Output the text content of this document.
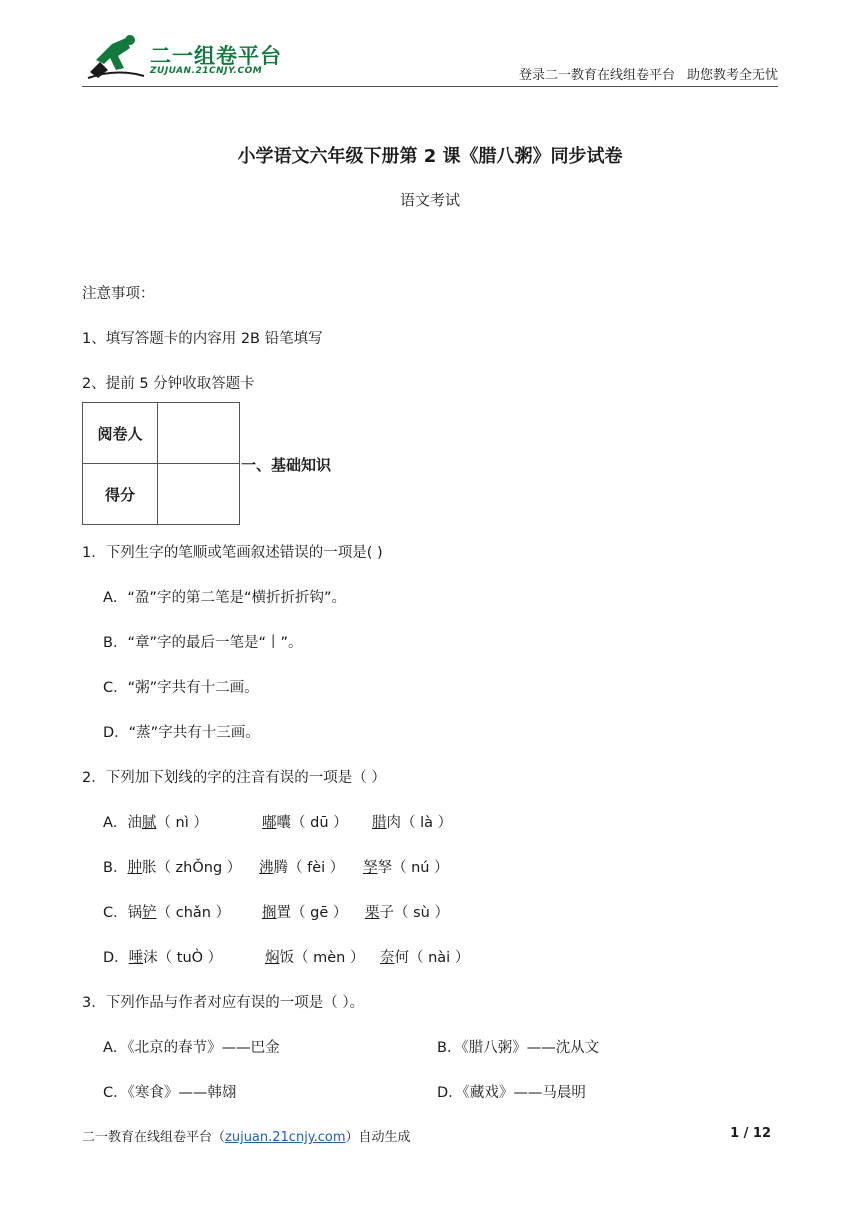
二一组卷平台
ZUJUAN.21CNJY.COM	登录二一教育在线组卷平台 助您教考全无忧
小学语文六年级下册第 2 课《腊八粥》同步试卷
语文考试
注意事项：
1、填写答题卡的内容用 2B 铅笔填写
2、提前 5 分钟收取答题卡
阅卷人	
得分	
一、基础知识
1．下列生字的笔顺或笔画叙述错误的一项是( )
A．“盈”字的第二笔是“横折折折钩”。
B．“章”字的最后一笔是“丨”。
C．“粥”字共有十二画。
D．“蒸”字共有十三画。
2．下列加下划线的字的注音有误的一项是（ ）
A．油腻（ nì ）	嘟囔（ dū ） 腊肉（ là ）
B．肿胀（ zhǑng ） 沸腾（ fèi ） 孥孥（ nú ）
C．锅铲（ chǎn ） 搁置（ gē ） 栗子（ sù ）
D．唾沫（ tuÒ ）	焖饭（ mèn ） 奈何（ nài ）
3．下列作品与作者对应有误的一项是（ ）。
A．《北京的春节》——巴金	B．《腊八粥》——沈从文
C．《寒食》——韩翃	D．《藏戏》——马晨明
二一教育在线组卷平台（zujuan.21cnjy.com）自动生成	1 / 12
